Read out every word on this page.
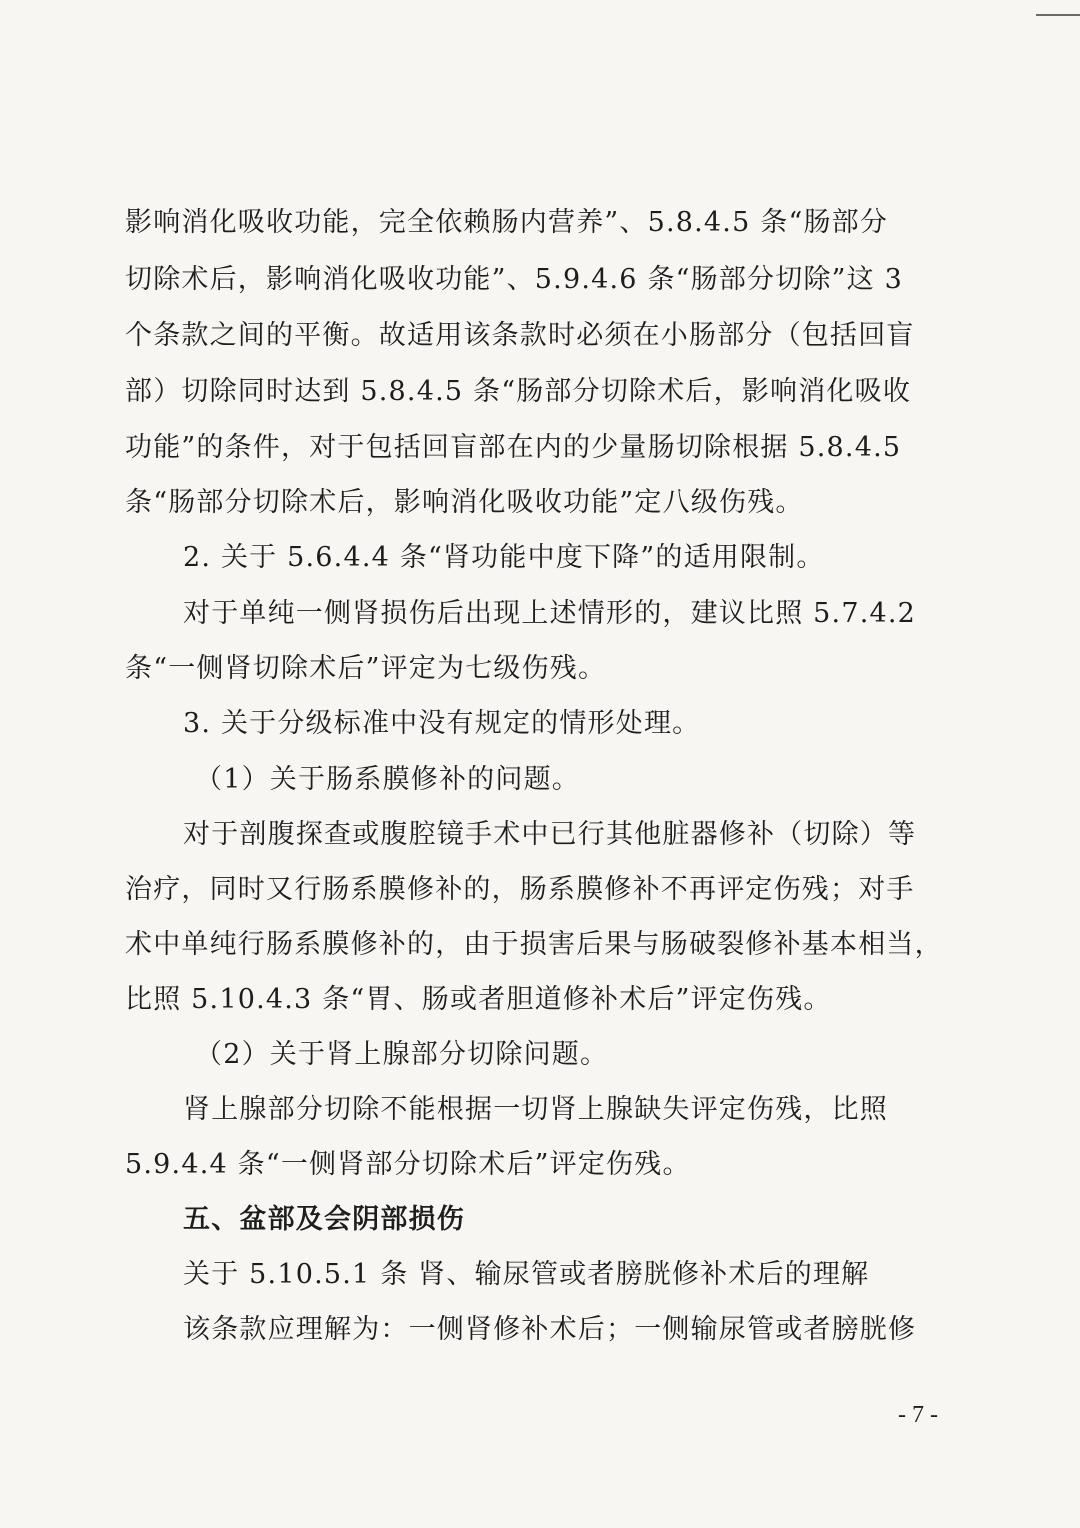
影响消化吸收功能，完全依赖肠内营养”、5.8.4.5 条“肠部分
切除术后，影响消化吸收功能”、5.9.4.6 条“肠部分切除”这 3
个条款之间的平衡。故适用该条款时必须在小肠部分（包括回盲
部）切除同时达到 5.8.4.5 条“肠部分切除术后，影响消化吸收
功能”的条件，对于包括回盲部在内的少量肠切除根据 5.8.4.5
条“肠部分切除术后，影响消化吸收功能”定八级伤残。
2. 关于 5.6.4.4 条“肾功能中度下降”的适用限制。
对于单纯一侧肾损伤后出现上述情形的，建议比照 5.7.4.2
条“一侧肾切除术后”评定为七级伤残。
3. 关于分级标准中没有规定的情形处理。
（1）关于肠系膜修补的问题。
对于剖腹探查或腹腔镜手术中已行其他脏器修补（切除）等
治疗，同时又行肠系膜修补的，肠系膜修补不再评定伤残；对手
术中单纯行肠系膜修补的，由于损害后果与肠破裂修补基本相当，
比照 5.10.4.3 条“胃、肠或者胆道修补术后”评定伤残。
（2）关于肾上腺部分切除问题。
肾上腺部分切除不能根据一切肾上腺缺失评定伤残，比照
5.9.4.4 条“一侧肾部分切除术后”评定伤残。
五、盆部及会阴部损伤
关于 5.10.5.1 条 肾、输尿管或者膀胱修补术后的理解
该条款应理解为：一侧肾修补术后；一侧输尿管或者膀胱修
- 7 -
